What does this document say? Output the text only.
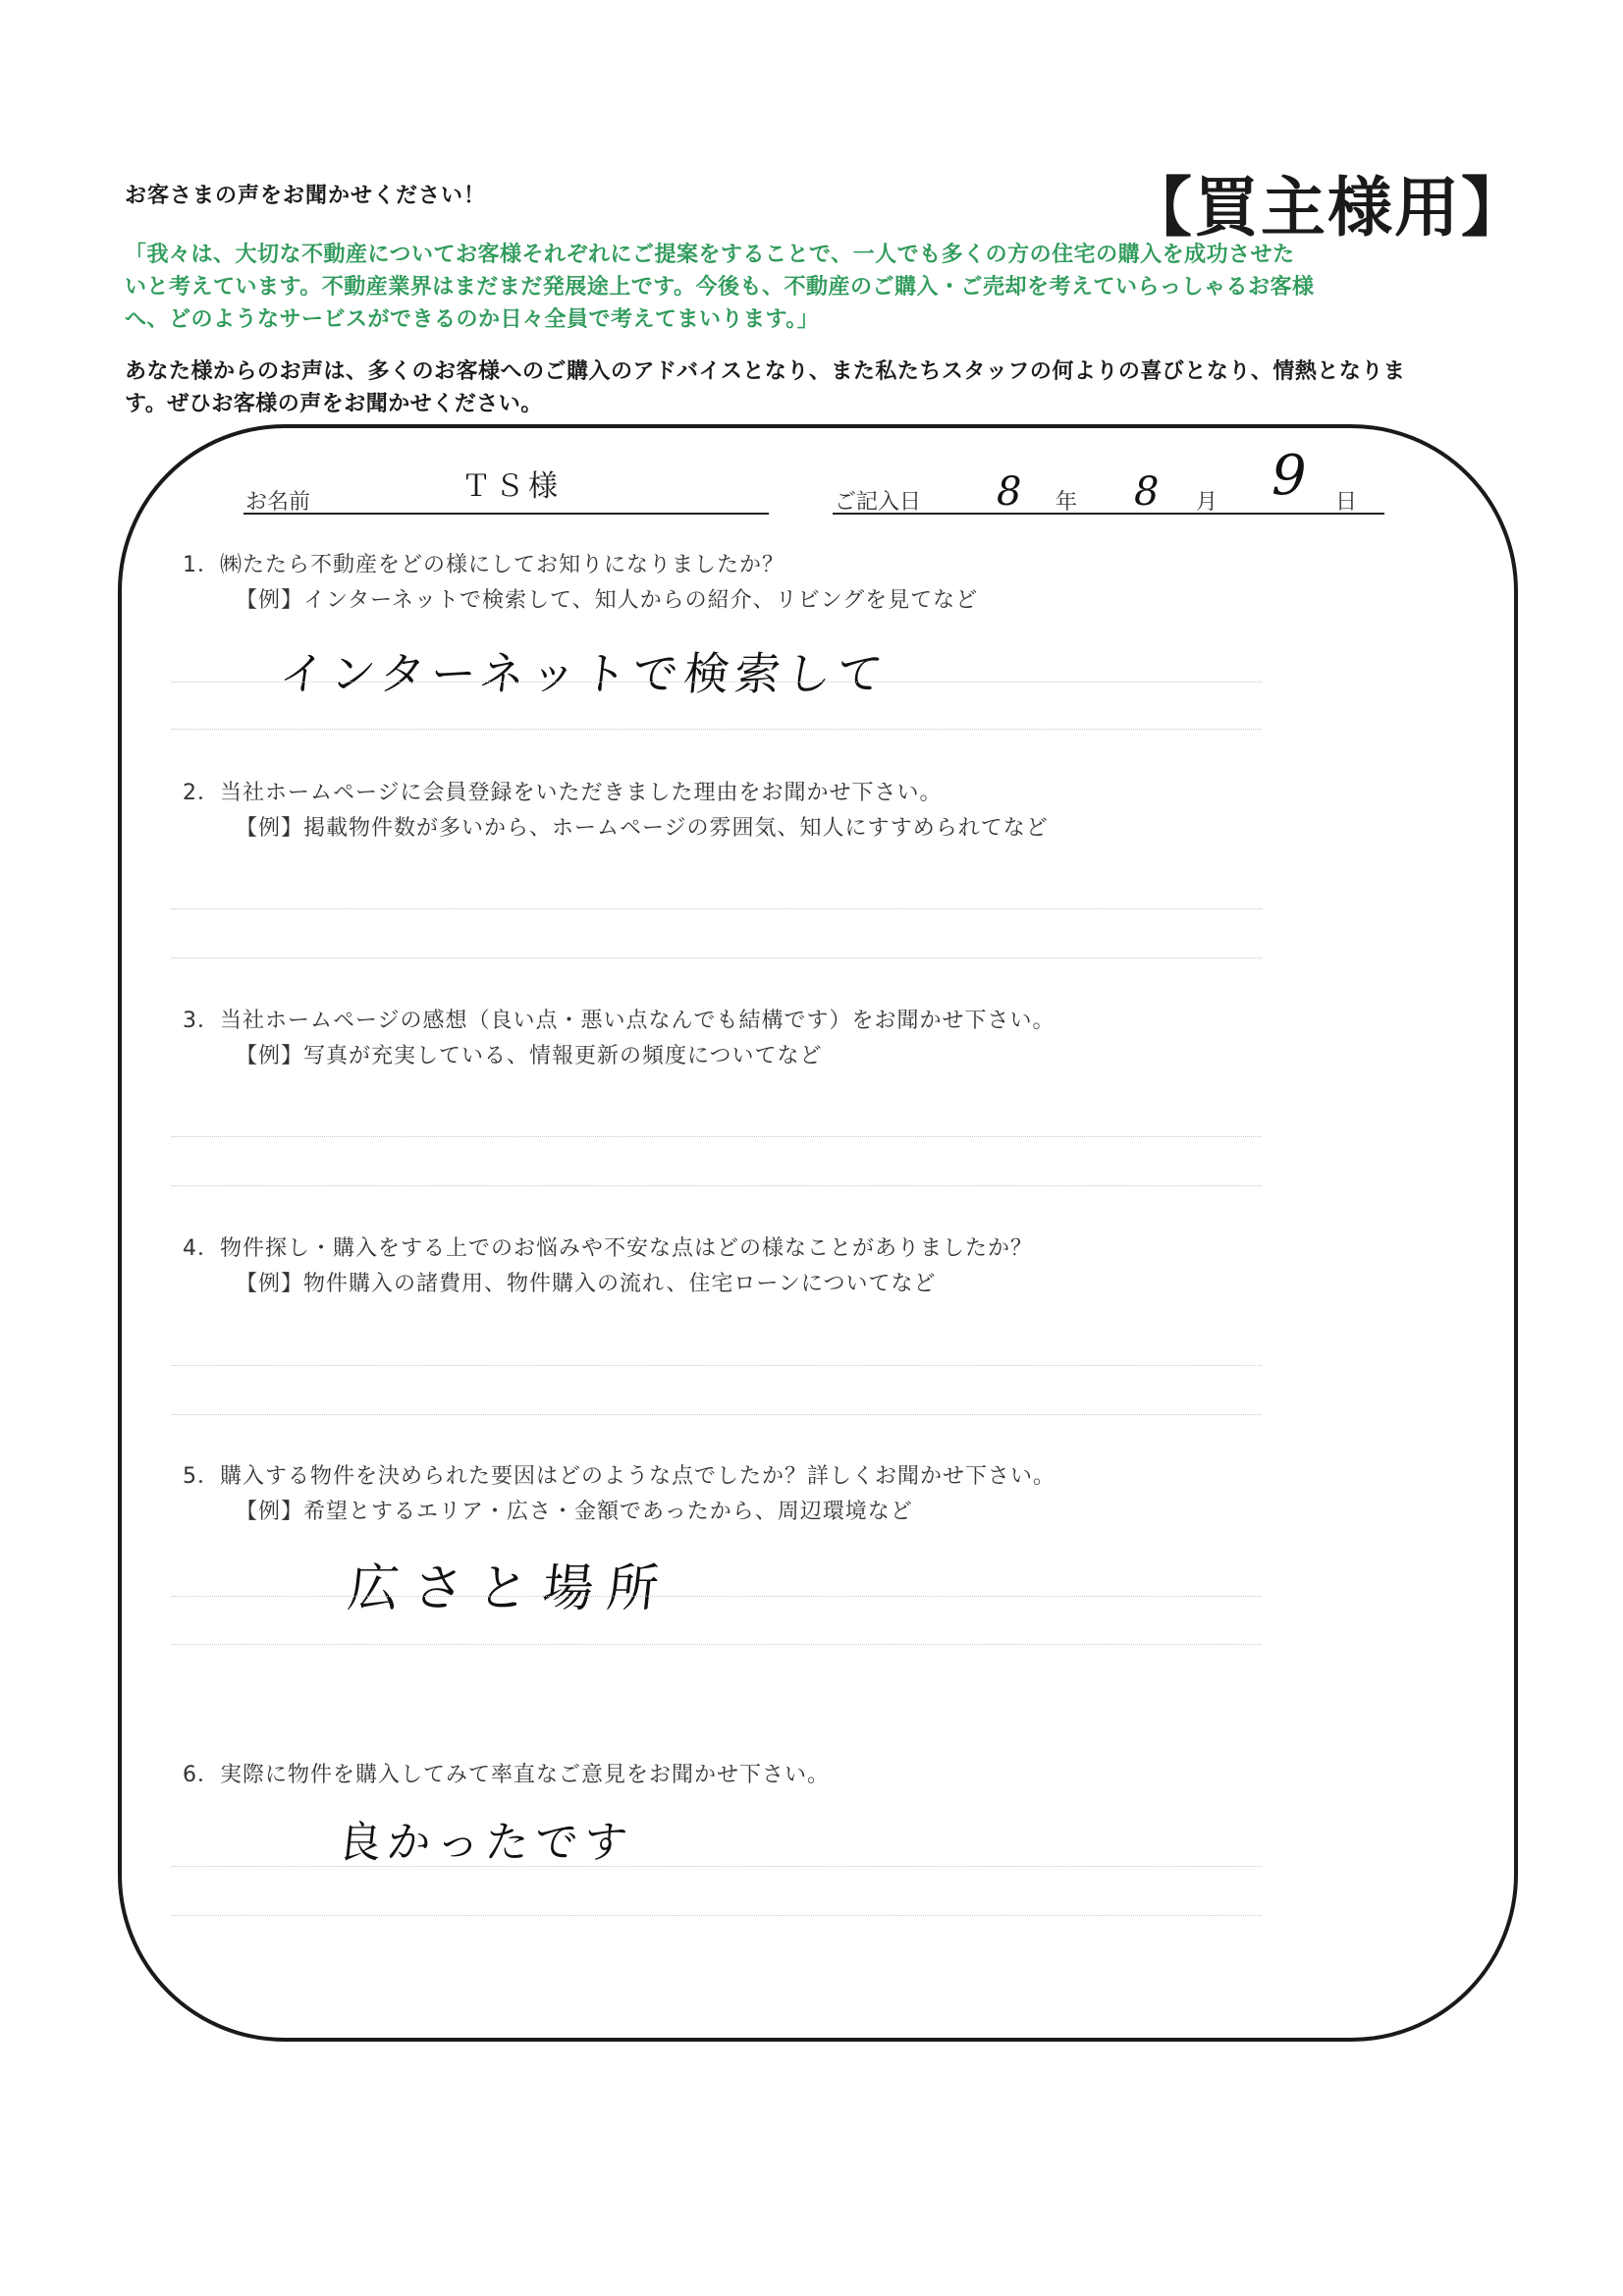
お客さまの声をお聞かせください！	【買主様用】
「我々は、大切な不動産についてお客様それぞれにご提案をすることで、一人でも多くの方の住宅の購入を成功させた
いと考えています。不動産業界はまだまだ発展途上です。今後も、不動産のご購入・ご売却を考えていらっしゃるお客様
へ、どのようなサービスができるのか日々全員で考えてまいります。」
あなた様からのお声は、多くのお客様へのご購入のアドバイスとなり、また私たちスタッフの何よりの喜びとなり、情熱となりま
す。ぜひお客様の声をお聞かせください。
お名前	ＴＳ様	ご記入日 8 年 8 月 9 日
1．㈱たたら不動産をどの様にしてお知りになりましたか？
【例】インターネットで検索して、知人からの紹介、リビングを見てなど
インターネットで検索して
2．当社ホームページに会員登録をいただきました理由をお聞かせ下さい。
【例】掲載物件数が多いから、ホームページの雰囲気、知人にすすめられてなど
3．当社ホームページの感想（良い点・悪い点なんでも結構です）をお聞かせ下さい。
【例】写真が充実している、情報更新の頻度についてなど
4．物件探し・購入をする上でのお悩みや不安な点はどの様なことがありましたか？
【例】物件購入の諸費用、物件購入の流れ、住宅ローンについてなど
5．購入する物件を決められた要因はどのような点でしたか？詳しくお聞かせ下さい。
【例】希望とするエリア・広さ・金額であったから、周辺環境など
広さと場所
6．実際に物件を購入してみて率直なご意見をお聞かせ下さい。
良かったです
